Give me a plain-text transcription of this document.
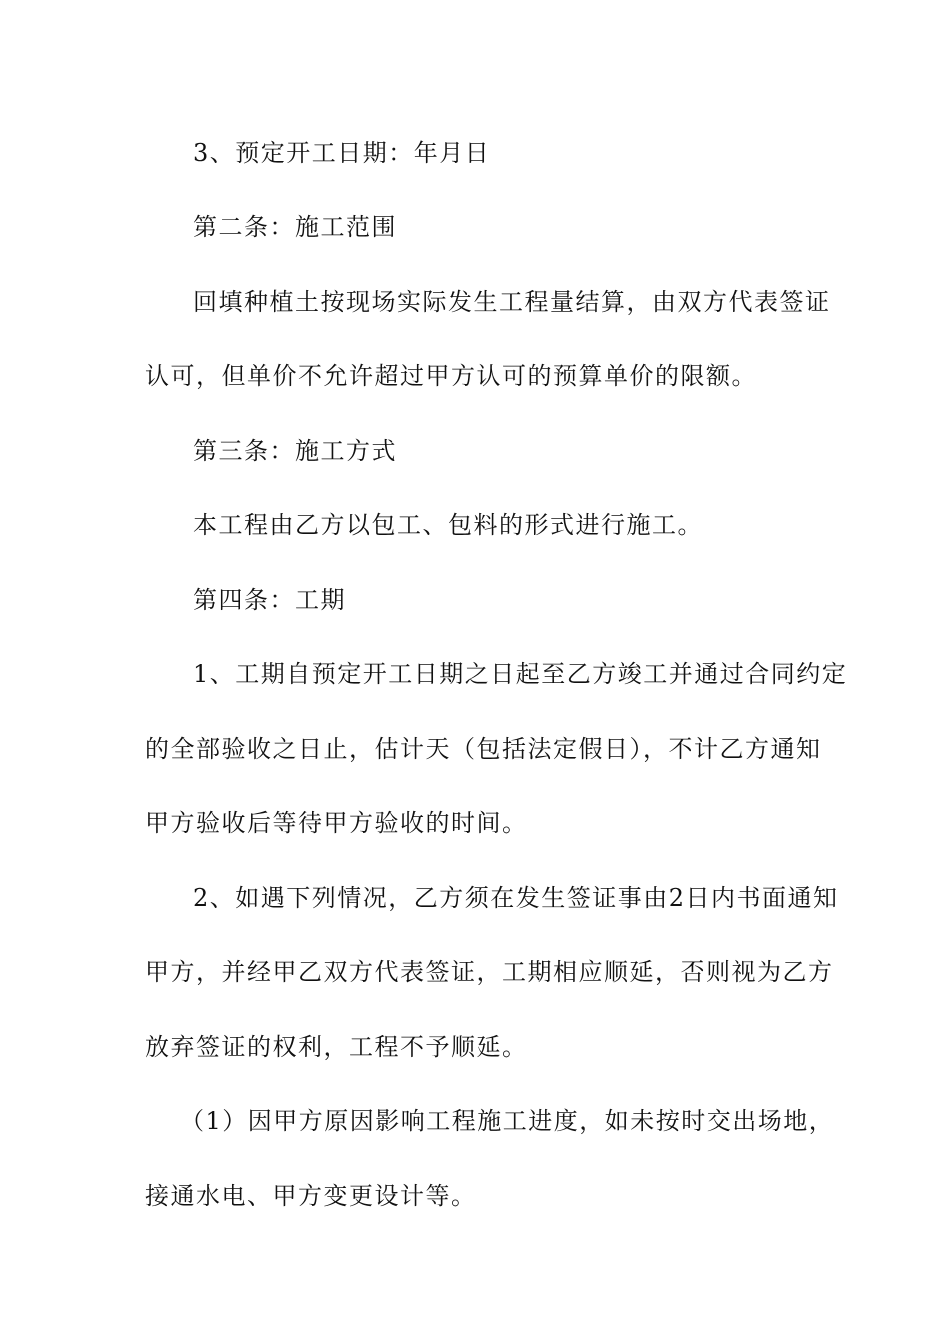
3、预定开工日期：年月日
第二条：施工范围
回填种植土按现场实际发生工程量结算，由双方代表签证
认可，但单价不允许超过甲方认可的预算单价的限额。
第三条：施工方式
本工程由乙方以包工、包料的形式进行施工。
第四条：工期
1、工期自预定开工日期之日起至乙方竣工并通过合同约定
的全部验收之日止，估计天（包括法定假日），不计乙方通知
甲方验收后等待甲方验收的时间。
2、如遇下列情况，乙方须在发生签证事由2日内书面通知
甲方，并经甲乙双方代表签证，工期相应顺延，否则视为乙方
放弃签证的权利，工程不予顺延。
（1）因甲方原因影响工程施工进度，如未按时交出场地，
接通水电、甲方变更设计等。
